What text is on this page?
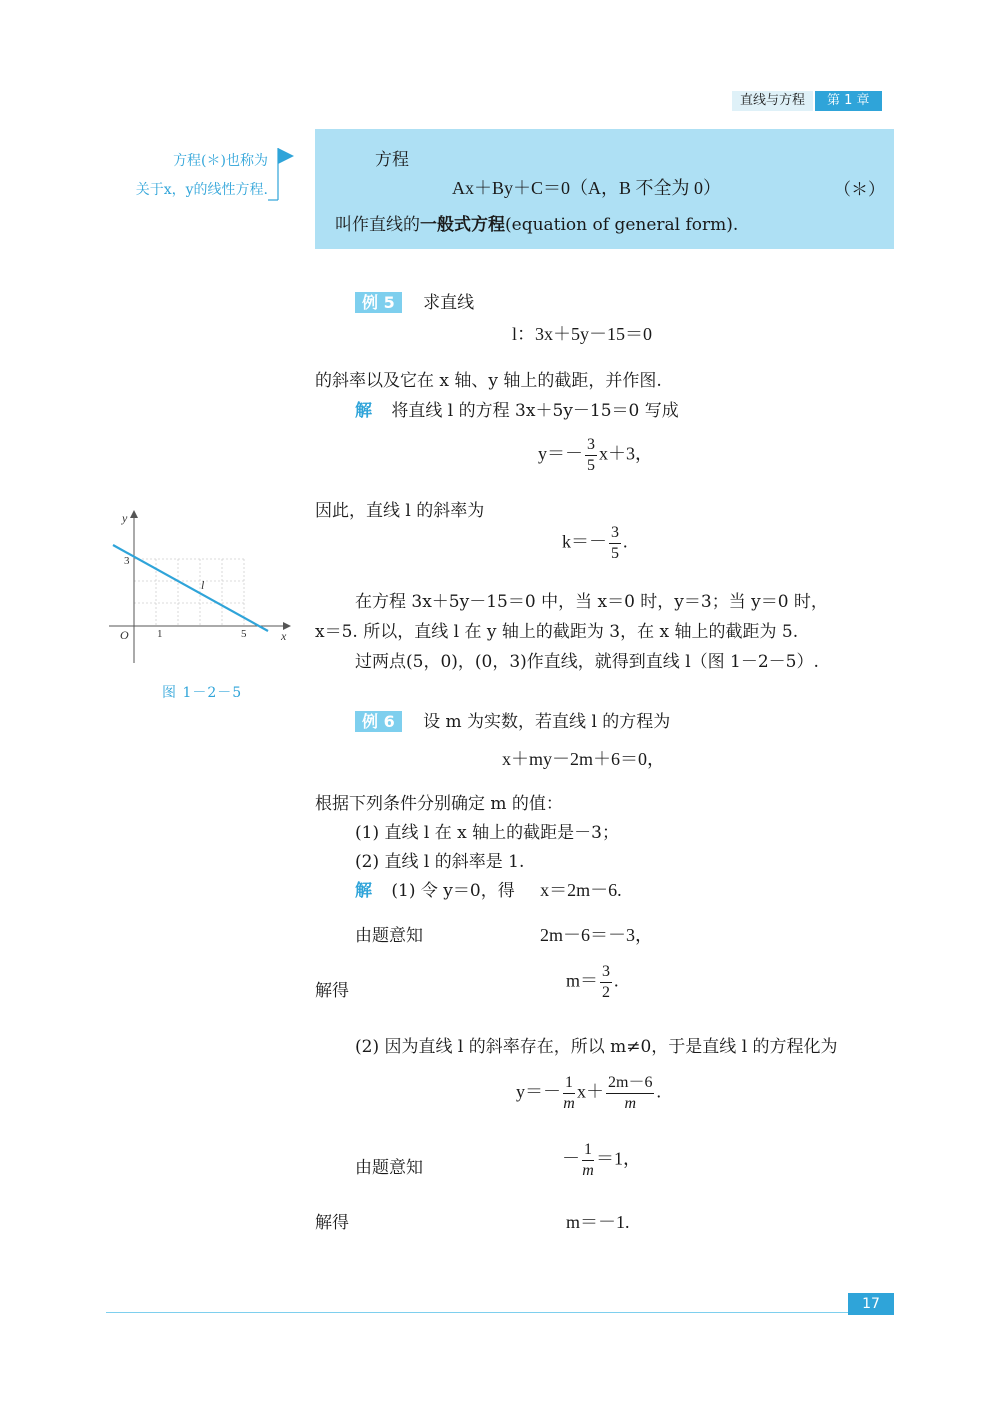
直线与方程	第 1 章
方程(＊)也称为
关于x，y的线性方程.
方程
Ax＋By＋C＝0（A，B 不全为 0）	（＊）
叫作直线的一般式方程(equation of general form).
例 5 求直线
l：3x＋5y－15＝0
的斜率以及它在 x 轴、y 轴上的截距，并作图.
解 将直线 l 的方程 3x＋5y－15＝0 写成
$y=- \frac{3}{5} x+3$，
因此，直线 l 的斜率为
$k=- \frac{3}{5}$ .
在方程 3x＋5y－15＝0 中，当 x＝0 时，y＝3；当 y＝0 时，
x＝5. 所以，直线 l 在 y 轴上的截距为 3，在 x 轴上的截距为 5.
过两点(5，0)，(0，3)作直线，就得到直线 l（图 1－2－5）.
y
x
O
3
1	5
l
图 1－2－5
例 6 设 m 为实数，若直线 l 的方程为
x＋my－2m＋6＝0，
根据下列条件分别确定 m 的值：
(1) 直线 l 在 x 轴上的截距是－3；
(2) 直线 l 的斜率是 1.
解 (1) 令 y＝0，得 x＝2m－6.
由题意知	2m－6＝－3，
解得
$m= \frac{3}{2}$ .
(2) 因为直线 l 的斜率存在，所以 m≠0，于是直线 l 的方程化为
$y=- \frac{1}{m} x+ \frac{2m-6}{m}$ .
由题意知	－ $\frac{1}{m} =1$，
解得	m＝－1.
17
